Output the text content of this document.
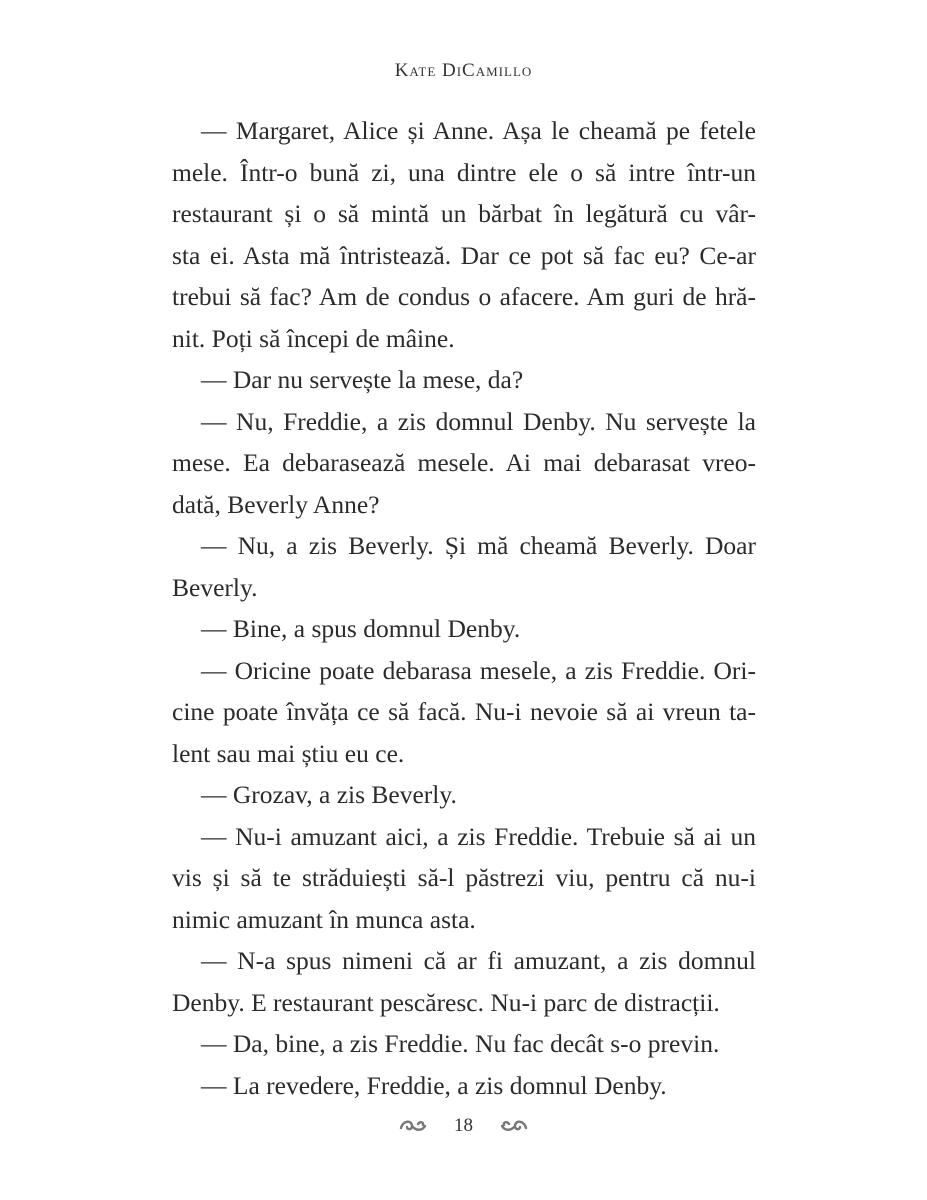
Kate DiCamillo
— Margaret, Alice și Anne. Așa le cheamă pe fetele
mele. Într-o bună zi, una dintre ele o să intre într-un
restaurant și o să mintă un bărbat în legătură cu vâr-
sta ei. Asta mă întristează. Dar ce pot să fac eu? Ce-ar
trebui să fac? Am de condus o afacere. Am guri de hră-
nit. Poți să începi de mâine.
— Dar nu servește la mese, da?
— Nu, Freddie, a zis domnul Denby. Nu servește la
mese. Ea debarasează mesele. Ai mai debarasat vreo-
dată, Beverly Anne?
— Nu, a zis Beverly. Și mă cheamă Beverly. Doar
Beverly.
— Bine, a spus domnul Denby.
— Oricine poate debarasa mesele, a zis Freddie. Ori-
cine poate învăța ce să facă. Nu-i nevoie să ai vreun ta-
lent sau mai știu eu ce.
— Grozav, a zis Beverly.
— Nu-i amuzant aici, a zis Freddie. Trebuie să ai un
vis și să te străduiești să-l păstrezi viu, pentru că nu-i
nimic amuzant în munca asta.
— N-a spus nimeni că ar fi amuzant, a zis domnul
Denby. E restaurant pescăresc. Nu-i parc de distracții.
— Da, bine, a zis Freddie. Nu fac decât s-o previn.
— La revedere, Freddie, a zis domnul Denby.
18
